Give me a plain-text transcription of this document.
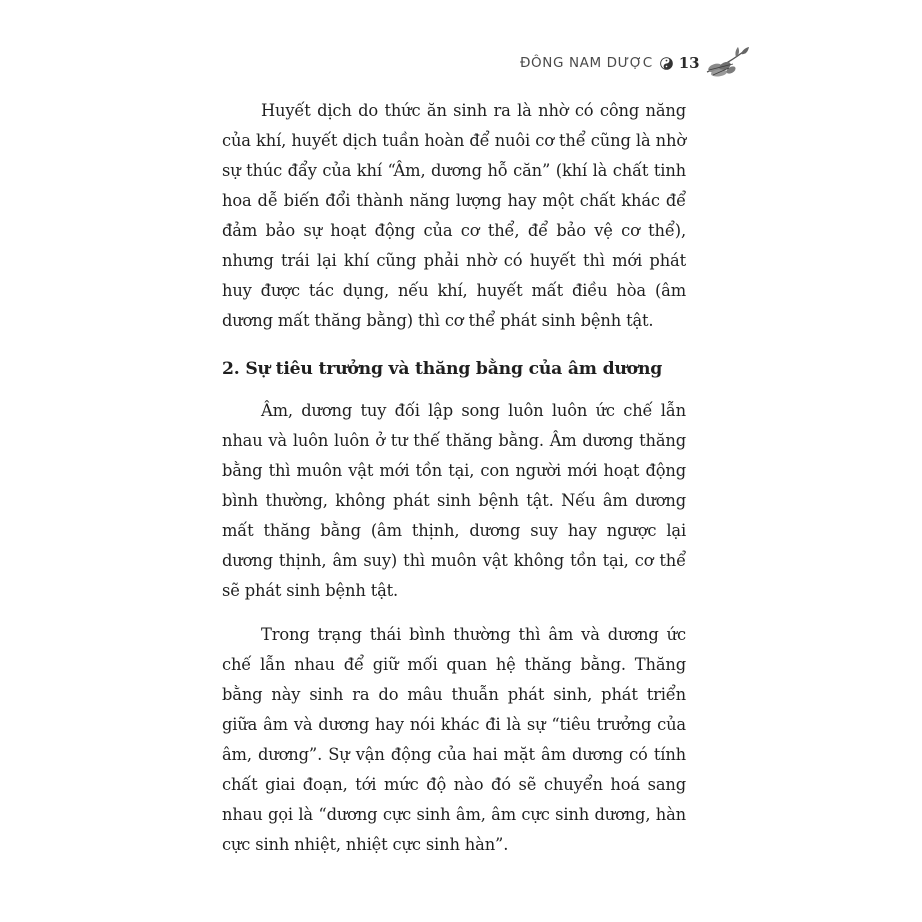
ĐÔNG NAM DƯỢC 13

Huyết dịch do thức ăn sinh ra là nhờ có công năng của khí, huyết dịch tuần hoàn để nuôi cơ thể cũng là nhờ sự thúc đẩy của khí “Âm, dương hỗ căn” (khí là chất tinh hoa dễ biến đổi thành năng lượng hay một chất khác để đảm bảo sự hoạt động của cơ thể, để bảo vệ cơ thể), nhưng trái lại khí cũng phải nhờ có huyết thì mới phát huy được tác dụng, nếu khí, huyết mất điều hòa (âm dương mất thăng bằng) thì cơ thể phát sinh bệnh tật.

2. Sự tiêu trưởng và thăng bằng của âm dương

Âm, dương tuy đối lập song luôn luôn ức chế lẫn nhau và luôn luôn ở tư thế thăng bằng. Âm dương thăng bằng thì muôn vật mới tồn tại, con người mới hoạt động bình thường, không phát sinh bệnh tật. Nếu âm dương mất thăng bằng (âm thịnh, dương suy hay ngược lại dương thịnh, âm suy) thì muôn vật không tồn tại, cơ thể sẽ phát sinh bệnh tật.

Trong trạng thái bình thường thì âm và dương ức chế lẫn nhau để giữ mối quan hệ thăng bằng. Thăng bằng này sinh ra do mâu thuẫn phát sinh, phát triển giữa âm và dương hay nói khác đi là sự “tiêu trưởng của âm, dương”. Sự vận động của hai mặt âm dương có tính chất giai đoạn, tới mức độ nào đó sẽ chuyển hoá sang nhau gọi là “dương cực sinh âm, âm cực sinh dương, hàn cực sinh nhiệt, nhiệt cực sinh hàn”.
